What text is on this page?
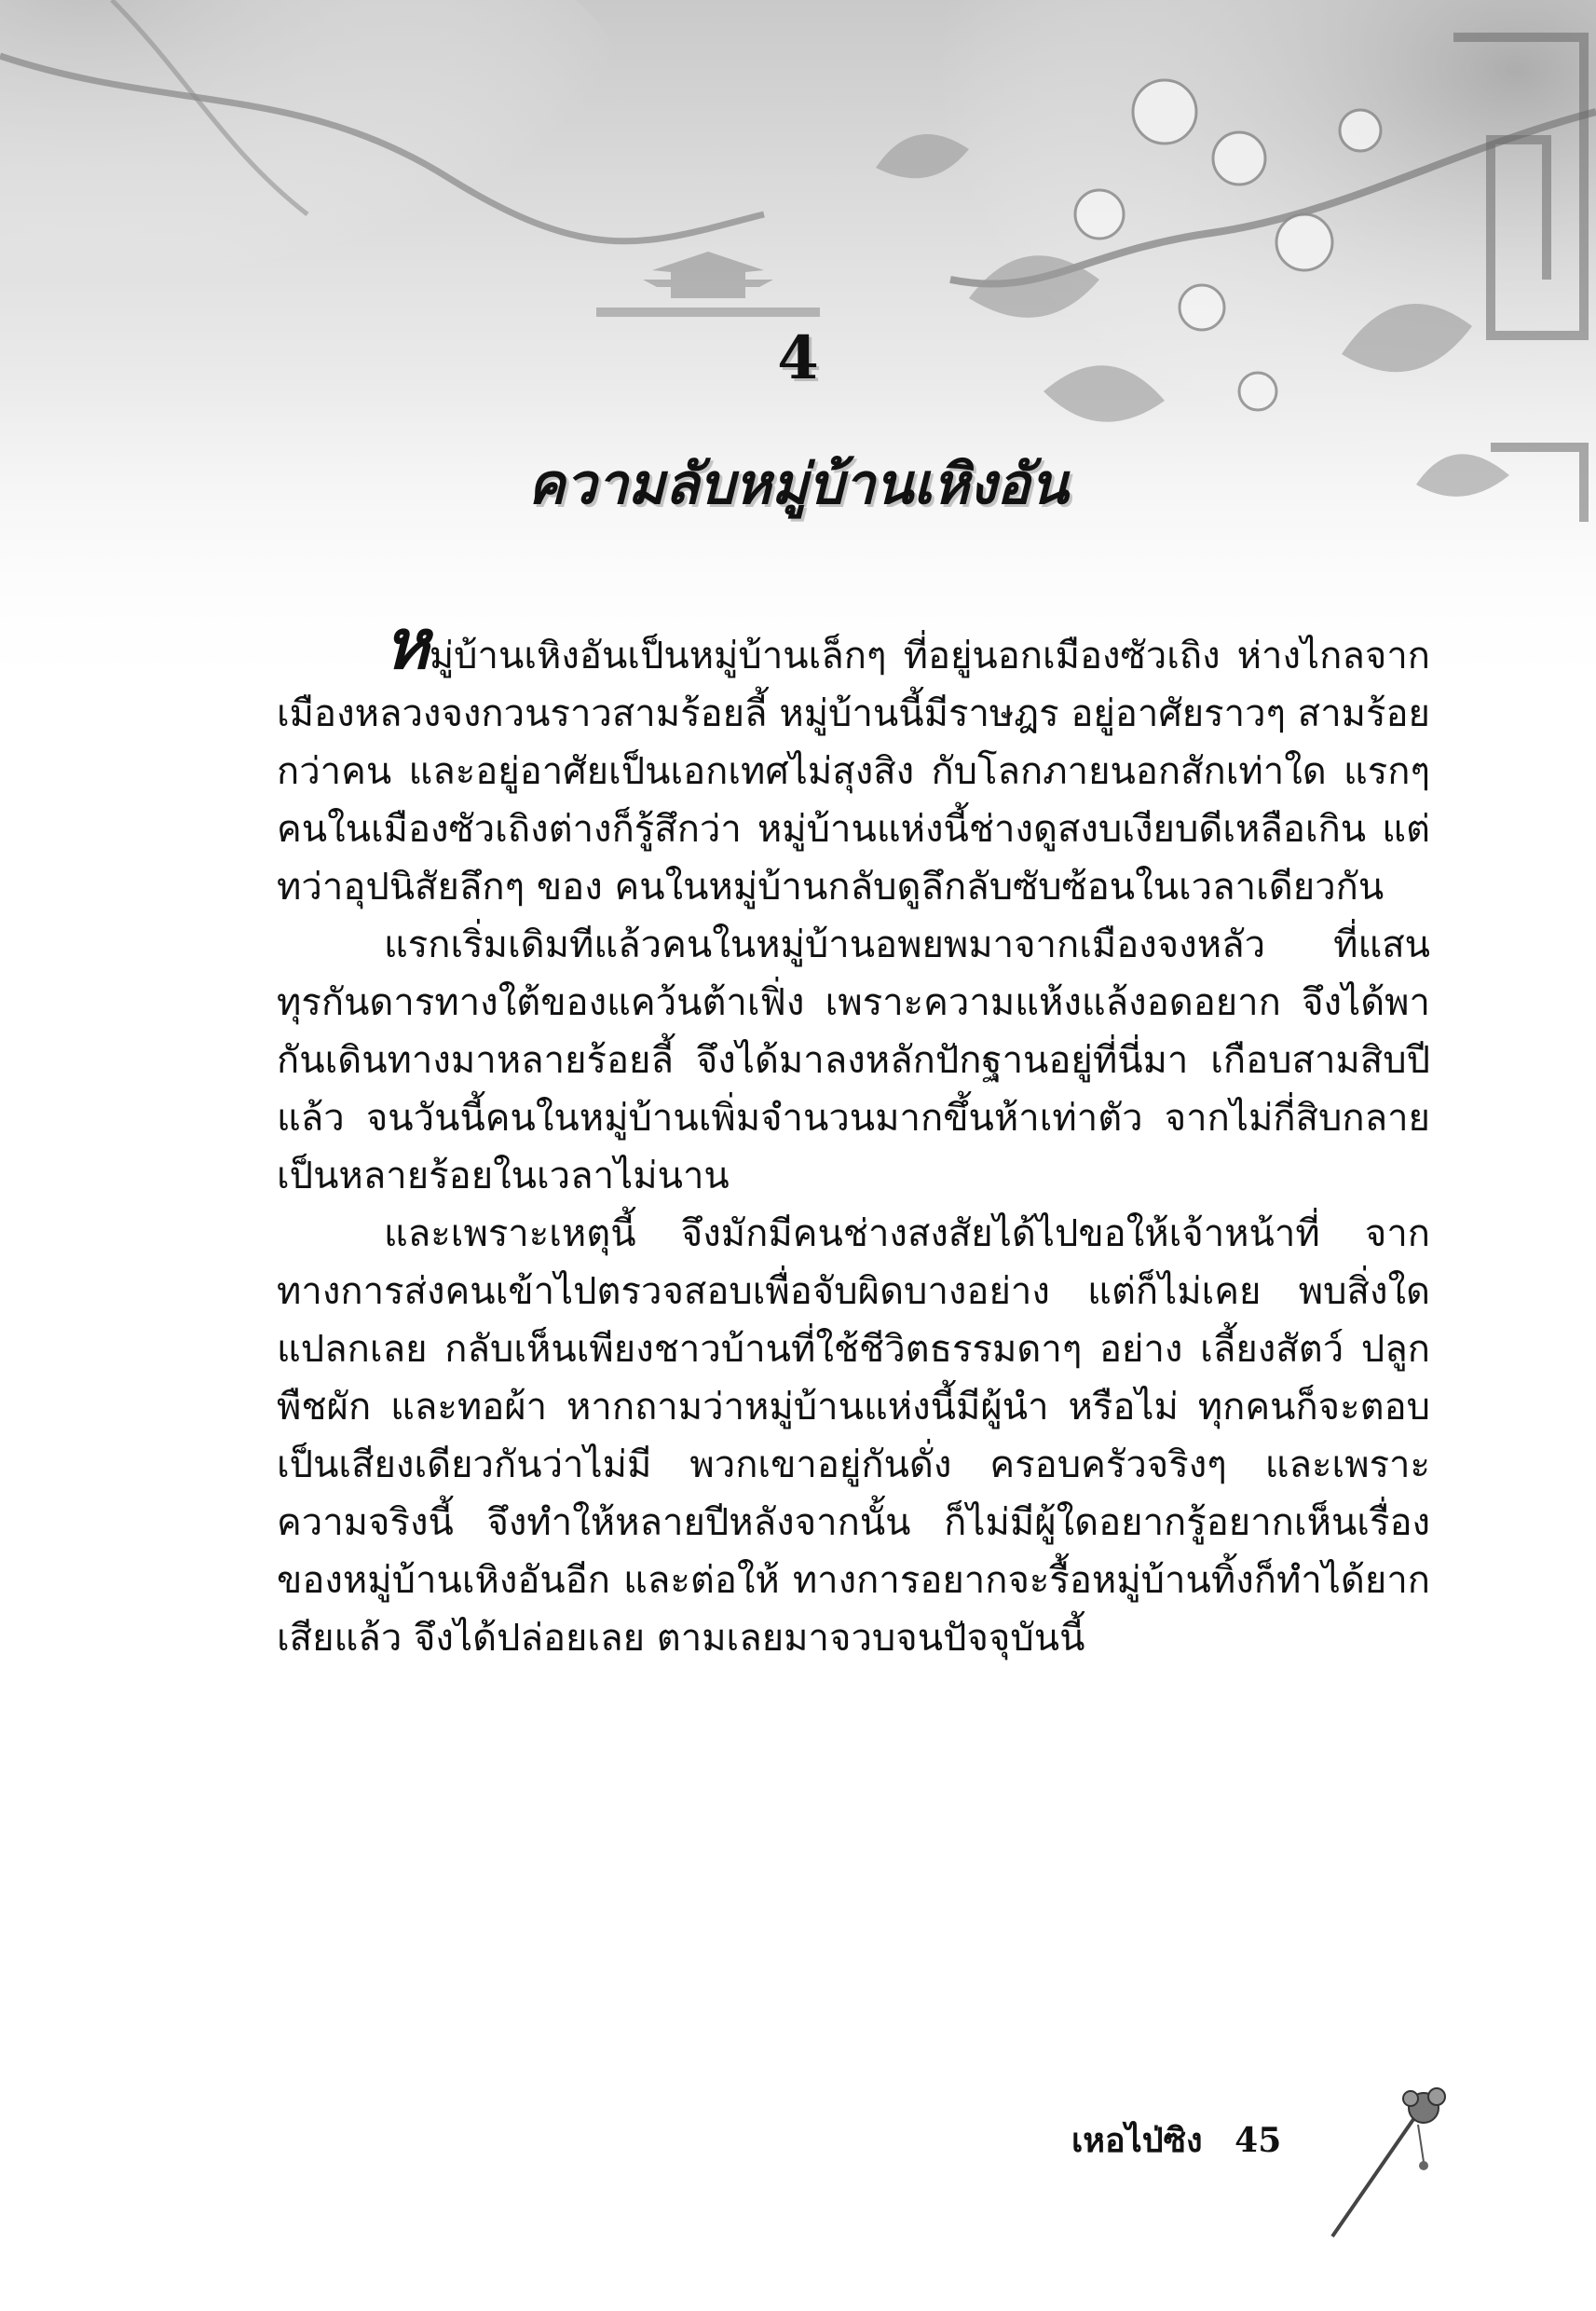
4
ความลับหมู่บ้านเหิงอัน

หมู่บ้านเหิงอันเป็นหมู่บ้านเล็กๆ ที่อยู่นอกเมืองซัวเถิง ห่างไกลจากเมืองหลวงจงกวนราวสามร้อยลี้ หมู่บ้านนี้มีราษฎร อยู่อาศัยราวๆ สามร้อยกว่าคน และอยู่อาศัยเป็นเอกเทศไม่สุงสิง กับโลกภายนอกสักเท่าใด แรกๆ คนในเมืองซัวเถิงต่างก็รู้สึกว่า หมู่บ้านแห่งนี้ช่างดูสงบเงียบดีเหลือเกิน แต่ทว่าอุปนิสัยลึกๆ ของ คนในหมู่บ้านกลับดูลึกลับซับซ้อนในเวลาเดียวกัน

แรกเริ่มเดิมทีแล้วคนในหมู่บ้านอพยพมาจากเมืองจงหลัว ที่แสนทุรกันดารทางใต้ของแคว้นต้าเฟิ่ง เพราะความแห้งแล้งอดอยาก จึงได้พากันเดินทางมาหลายร้อยลี้ จึงได้มาลงหลักปักฐานอยู่ที่นี่มา เกือบสามสิบปีแล้ว จนวันนี้คนในหมู่บ้านเพิ่มจำนวนมากขึ้นห้าเท่าตัว จากไม่กี่สิบกลายเป็นหลายร้อยในเวลาไม่นาน

และเพราะเหตุนี้ จึงมักมีคนช่างสงสัยได้ไปขอให้เจ้าหน้าที่ จากทางการส่งคนเข้าไปตรวจสอบเพื่อจับผิดบางอย่าง แต่ก็ไม่เคย พบสิ่งใดแปลกเลย กลับเห็นเพียงชาวบ้านที่ใช้ชีวิตธรรมดาๆ อย่าง เลี้ยงสัตว์ ปลูกพืชผัก และทอผ้า หากถามว่าหมู่บ้านแห่งนี้มีผู้นำ หรือไม่ ทุกคนก็จะตอบเป็นเสียงเดียวกันว่าไม่มี พวกเขาอยู่กันดั่ง ครอบครัวจริงๆ และเพราะความจริงนี้ จึงทำให้หลายปีหลังจากนั้น ก็ไม่มีผู้ใดอยากรู้อยากเห็นเรื่องของหมู่บ้านเหิงอันอีก และต่อให้ ทางการอยากจะรื้อหมู่บ้านทิ้งก็ทำได้ยากเสียแล้ว จึงได้ปล่อยเลย ตามเลยมาจวบจนปัจจุบันนี้

เหอไป่ซิง 45
